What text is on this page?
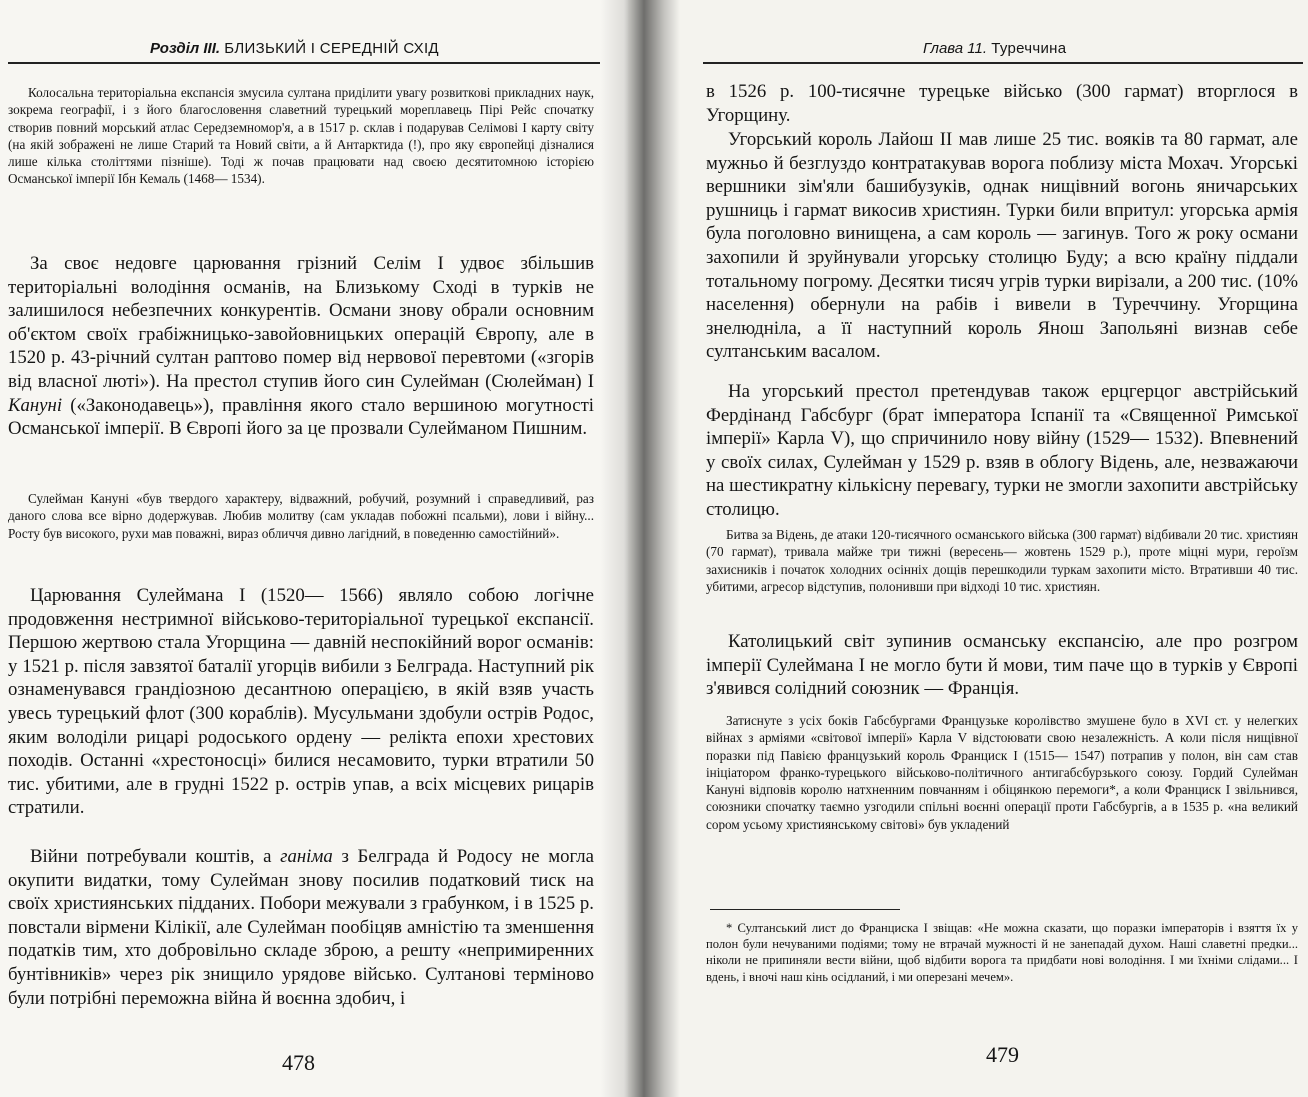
Розділ ІІІ. БЛИЗЬКИЙ І СЕРЕДНІЙ СХІД

Колосальна територіальна експансія змусила султана приділити увагу розвиткові прикладних наук, зокрема географії, і з його благословення славетний турецький мореплавець Пірі Рейс спочатку створив повний морський атлас Середземномор'я, а в 1517 р. склав і подарував Селімові І карту світу (на якій зображені не лише Старий та Новий світи, а й Антарктида (!), про яку європейці дізналися лише кілька століттями пізніше). Тоді ж почав працювати над своєю десятитомною історією Османської імперії Ібн Кемаль (1468— 1534).

За своє недовге царювання грізний Селім І удвоє збільшив територіальні володіння османів, на Близькому Сході в турків не залишилося небезпечних конкурентів. Османи знову обрали основним об'єктом своїх грабіжницько-завойовницьких операцій Європу, але в 1520 р. 43-річний султан раптово помер від нервової перевтоми («згорів від власної люті»). На престол ступив його син Сулейман (Сюлейман) І Кануні («Законодавець»), правління якого стало вершиною могутності Османської імперії. В Європі його за це прозвали Сулейманом Пишним.

Сулейман Кануні «був твердого характеру, відважний, робучий, розумний і справедливий, раз даного слова все вірно додержував. Любив молитву (сам укладав побожні псальми), лови і війну... Росту був високого, рухи мав поважні, вираз обличчя дивно лагідний, в поведенню самостійний».

Царювання Сулеймана І (1520— 1566) являло собою логічне продовження нестримної військово-територіальної турецької експансії. Першою жертвою стала Угорщина — давній неспокійний ворог османів: у 1521 р. після завзятої баталії угорців вибили з Белграда. Наступний рік ознаменувався грандіозною десантною операцією, в якій взяв участь увесь турецький флот (300 кораблів). Мусульмани здобули острів Родос, яким володіли рицарі родоського ордену — реліктa епохи хрестових походів. Останні «хрестоносці» билися несамовито, турки втратили 50 тис. убитими, але в грудні 1522 р. острів упав, а всіх місцевих рицарів стратили.

Війни потребували коштів, а ганіма з Белграда й Родосу не могла окупити видатки, тому Сулейман знову посилив податковий тиск на своїх християнських підданих. Побори межували з грабунком, і в 1525 р. повстали вірмени Кілікії, але Сулейман пообіцяв амністію та зменшення податків тим, хто добровільно складе зброю, а решту «непримиренних бунтівників» через рік знищило урядове військо. Султанові терміново були потрібні переможна війна й воєнна здобич, і

478
Глава 11. Туреччина

в 1526 р. 100-тисячне турецьке військо (300 гармат) вторглося в Угорщину.

Угорський король Лайош ІІ мав лише 25 тис. вояків та 80 гармат, але мужньо й безглуздо контратакував ворога поблизу міста Мохач. Угорські вершники зім'яли башибузуків, однак нищівний вогонь яничарських рушниць і гармат викосив християн. Турки били впритул: угорська армія була поголовно винищена, а сам король — загинув. Того ж року османи захопили й зруйнували угорську столицю Буду; а всю країну піддали тотальному погрому. Десятки тисяч угрів турки вирізали, а 200 тис. (10% населення) обернули на рабів і вивели в Туреччину. Угорщина знелюдніла, а її наступний король Янош Запольяні визнав себе султанським васалом.

На угорський престол претендував також ерцгерцог австрійський Фердінанд Габсбург (брат імператора Іспанії та «Священної Римської імперії» Карла V), що спричинило нову війну (1529— 1532). Впевнений у своїх силах, Сулейман у 1529 р. взяв в облогу Відень, але, незважаючи на шестикратну кількісну перевагу, турки не змогли захопити австрійську столицю.

Битва за Відень, де атаки 120-тисячного османського війська (300 гармат) відбивали 20 тис. християн (70 гармат), тривала майже три тижні (вересень— жовтень 1529 р.), проте міцні мури, героїзм захисників і початок холодних осінніх дощів перешкодили туркам захопити місто. Втративши 40 тис. убитими, агресор відступив, полонивши при відході 10 тис. християн.

Католицький світ зупинив османську експансію, але про розгром імперії Сулеймана І не могло бути й мови, тим паче що в турків у Європі з'явився солідний союзник — Франція.

Затиснуте з усіх боків Габсбургами Французьке королівство змушене було в XVI ст. у нелегких війнах з арміями «світової імперії» Карла V відстоювати свою незалежність. А коли після нищівної поразки під Павією французький король Франциск І (1515— 1547) потрапив у полон, він сам став ініціатором франко-турецького військово-політичного антигабсбурзького союзу. Гордий Сулейман Кануні відповів королю натхненним повчанням і обіцянкою перемоги*, а коли Франциск І звільнився, союзники спочатку таємно узгодили спільні воєнні операції проти Габсбургів, а в 1535 р. «на великий сором усьому християнському світові» був укладений

* Султанський лист до Франциска І звіщав: «Не можна сказати, що поразки імператорів і взяття їх у полон були нечуваними подіями; тому не втрачай мужності й не занепадай духом. Наші славетні предки... ніколи не припиняли вести війни, щоб відбити ворога та придбати нові володіння. І ми їхніми слідами... І вдень, і вночі наш кінь осідланий, і ми оперезані мечем».

479
